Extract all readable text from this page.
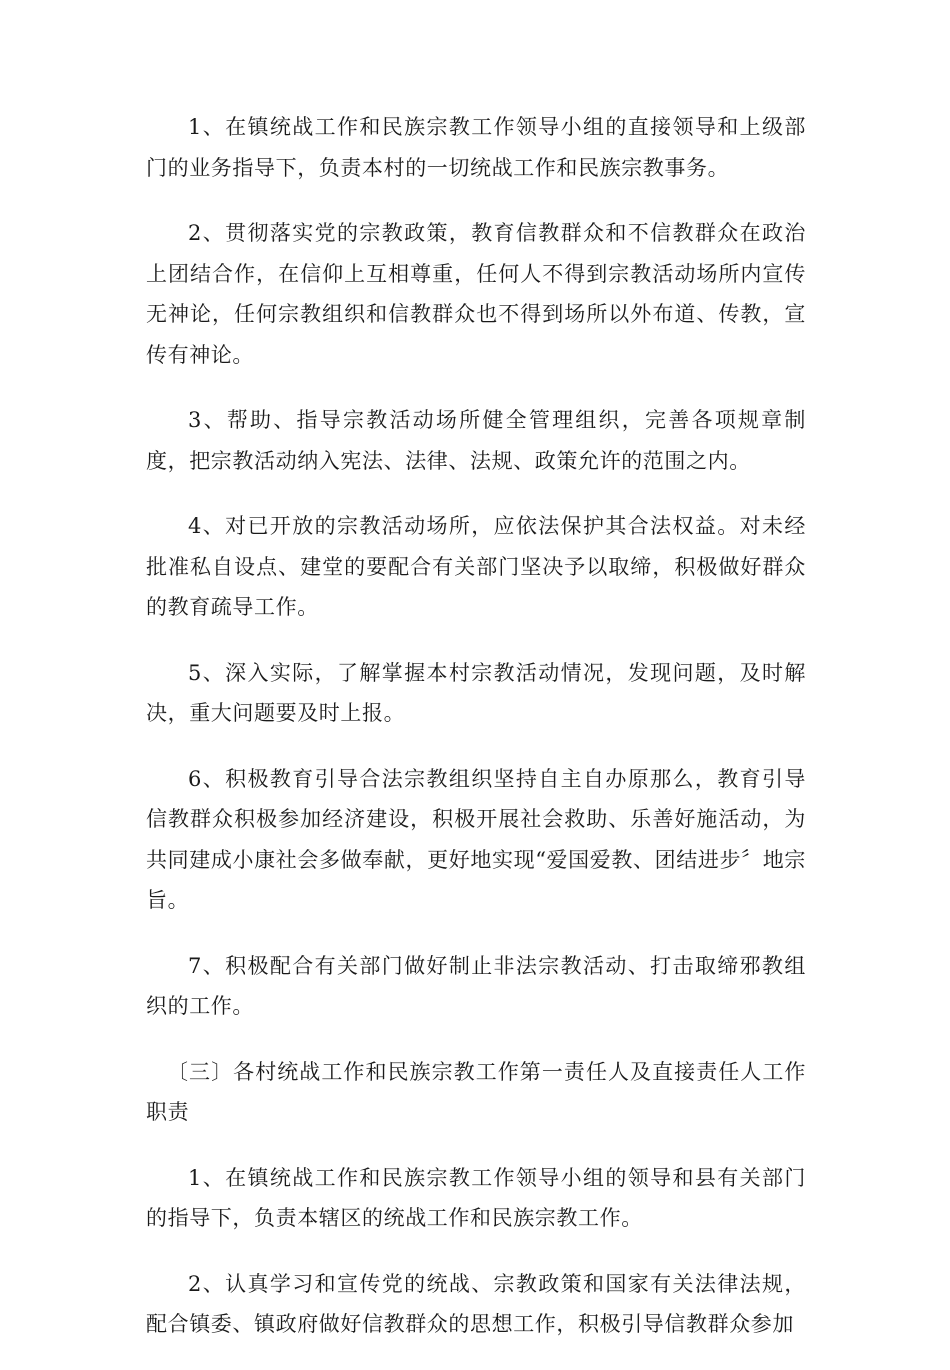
1、在镇统战工作和民族宗教工作领导小组的直接领导和上级部门的业务指导下，负责本村的一切统战工作和民族宗教事务。

2、贯彻落实党的宗教政策，教育信教群众和不信教群众在政治上团结合作，在信仰上互相尊重，任何人不得到宗教活动场所内宣传无神论，任何宗教组织和信教群众也不得到场所以外布道、传教，宣传有神论。

3、帮助、指导宗教活动场所健全管理组织，完善各项规章制度，把宗教活动纳入宪法、法律、法规、政策允许的范围之内。

4、对已开放的宗教活动场所，应依法保护其合法权益。对未经批准私自设点、建堂的要配合有关部门坚决予以取缔，积极做好群众的教育疏导工作。

5、深入实际，了解掌握本村宗教活动情况，发现问题，及时解决，重大问题要及时上报。

6、积极教育引导合法宗教组织坚持自主自办原那么，教育引导信教群众积极参加经济建设，积极开展社会救助、乐善好施活动，为共同建成小康社会多做奉献，更好地实现“爱国爱教、团结进步〞地宗旨。

7、积极配合有关部门做好制止非法宗教活动、打击取缔邪教组织的工作。

〔三〕各村统战工作和民族宗教工作第一责任人及直接责任人工作职责

1、在镇统战工作和民族宗教工作领导小组的领导和县有关部门的指导下，负责本辖区的统战工作和民族宗教工作。

2、认真学习和宣传党的统战、宗教政策和国家有关法律法规，配合镇委、镇政府做好信教群众的思想工作，积极引导信教群众参加
